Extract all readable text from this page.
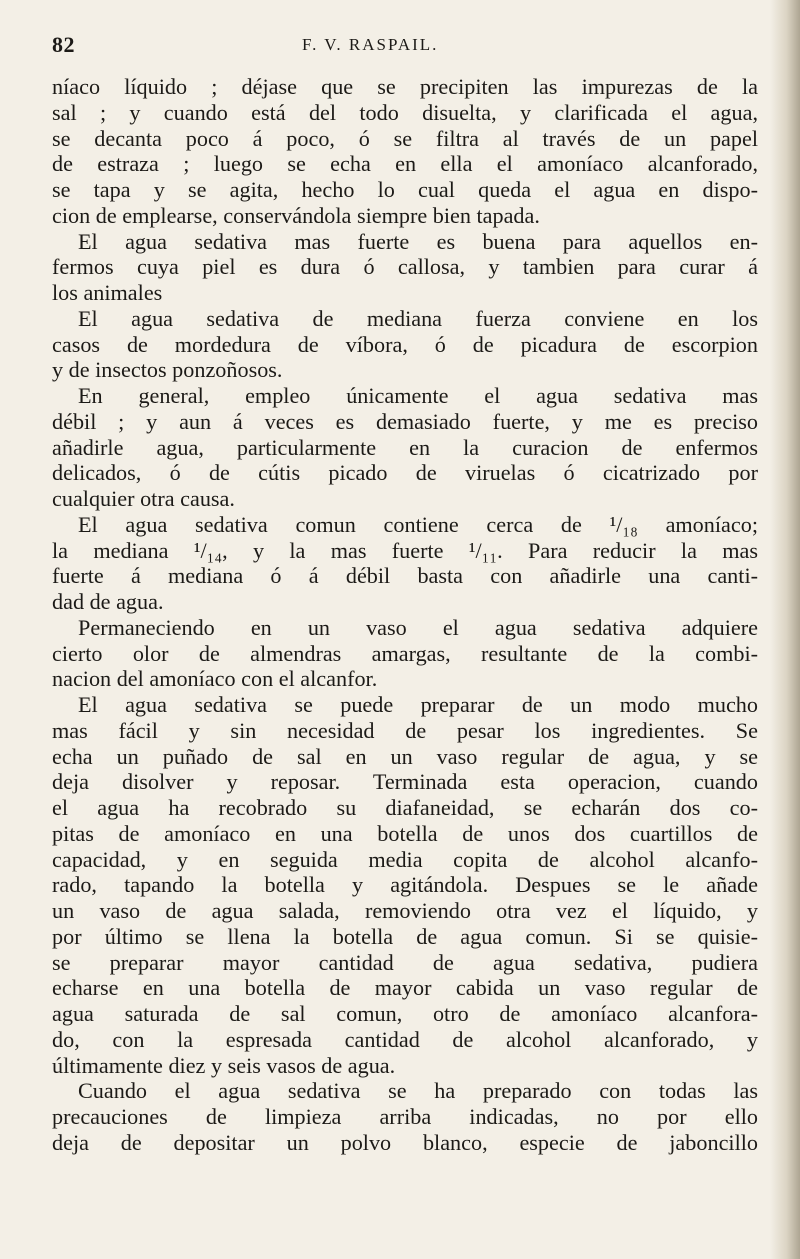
82	F. V. RASPAIL.
níaco líquido ; déjase que se precipiten las impurezas de la
sal ; y cuando está del todo disuelta, y clarificada el agua,
se decanta poco á poco, ó se filtra al través de un papel
de estraza ; luego se echa en ella el amoníaco alcanforado,
se tapa y se agita, hecho lo cual queda el agua en dispo-
cion de emplearse, conservándola siempre bien tapada.
El agua sedativa mas fuerte es buena para aquellos en-
fermos cuya piel es dura ó callosa, y tambien para curar á
los animales
El agua sedativa de mediana fuerza conviene en los
casos de mordedura de víbora, ó de picadura de escorpion
y de insectos ponzoñosos.
En general, empleo únicamente el agua sedativa mas
débil ; y aun á veces es demasiado fuerte, y me es preciso
añadirle agua, particularmente en la curacion de enfermos
delicados, ó de cútis picado de viruelas ó cicatrizado por
cualquier otra causa.
El agua sedativa comun contiene cerca de ¹/₁₈ amoníaco;
la mediana ¹/₁₄, y la mas fuerte ¹/₁₁. Para reducir la mas
fuerte á mediana ó á débil basta con añadirle una canti-
dad de agua.
Permaneciendo en un vaso el agua sedativa adquiere
cierto olor de almendras amargas, resultante de la combi-
nacion del amoníaco con el alcanfor.
El agua sedativa se puede preparar de un modo mucho
mas fácil y sin necesidad de pesar los ingredientes. Se
echa un puñado de sal en un vaso regular de agua, y se
deja disolver y reposar. Terminada esta operacion, cuando
el agua ha recobrado su diafaneidad, se echarán dos co-
pitas de amoníaco en una botella de unos dos cuartillos de
capacidad, y en seguida media copita de alcohol alcanfo-
rado, tapando la botella y agitándola. Despues se le añade
un vaso de agua salada, removiendo otra vez el líquido, y
por último se llena la botella de agua comun. Si se quisie-
se preparar mayor cantidad de agua sedativa, pudiera
echarse en una botella de mayor cabida un vaso regular de
agua saturada de sal comun, otro de amoníaco alcanfora-
do, con la espresada cantidad de alcohol alcanforado, y
últimamente diez y seis vasos de agua.
Cuando el agua sedativa se ha preparado con todas las
precauciones de limpieza arriba indicadas, no por ello
deja de depositar un polvo blanco, especie de jaboncillo
